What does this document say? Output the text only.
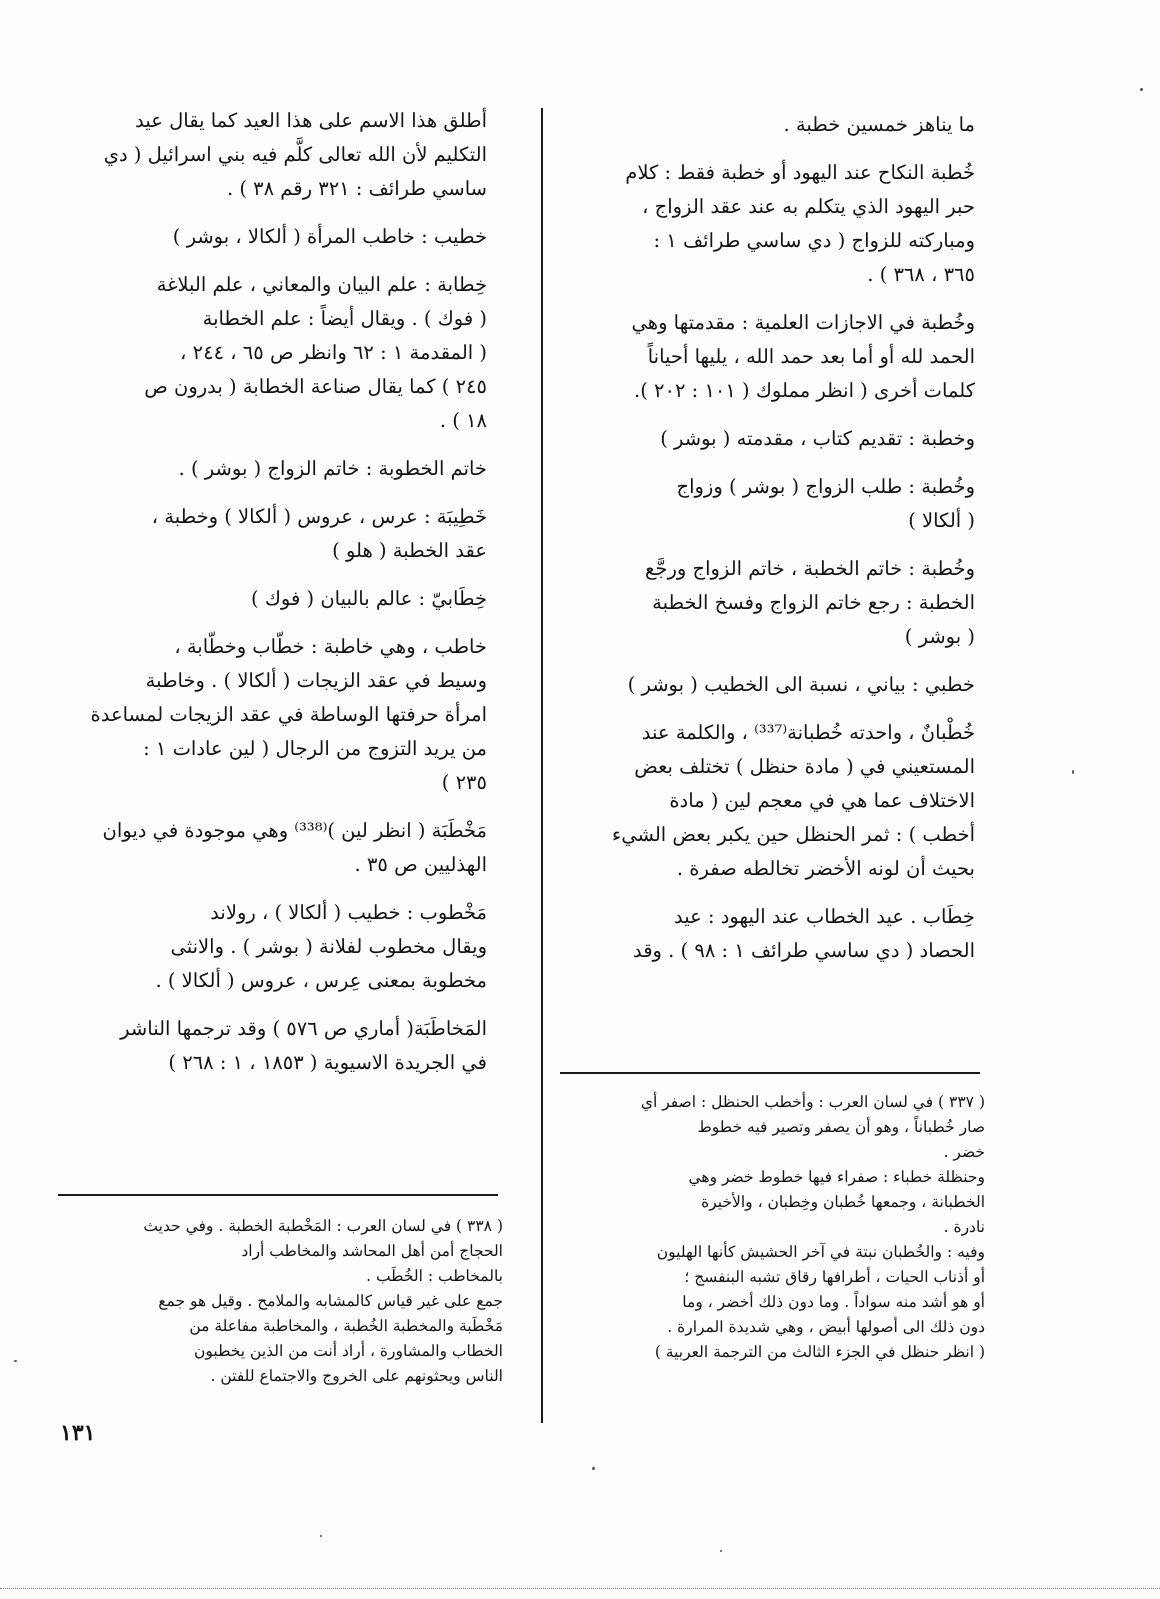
ما يناهز خمسين خطبة .

خُطبة النكاح عند اليهود أو خطبة فقط : كلام

حبر اليهود الذي يتكلم به عند عقد الزواج ،

ومباركته للزواج ( دي ساسي طرائف ١ :

٣٦٥ ، ٣٦٨ ) .

وخُطبة في الاجازات العلمية : مقدمتها وهي

الحمد لله أو أما بعد حمد الله ، يليها أحياناً

كلمات أخرى ( انظر مملوك ( ١٠١ : ٢٠٢ ).

وخطبة : تقديم كتاب ، مقدمته ( بوشر )

وخُطبة : طلب الزواج ( بوشر ) وزواج

( ألكالا )

وخُطبة : خاتم الخطبة ، خاتم الزواج ورجَّع

الخطبة : رجع خاتم الزواج وفسخ الخطبة

( بوشر )

خطبي : بياني ، نسبة الى الخطيب ( بوشر )

خُطْبانٌ ، واحدته خُطبانة⁽³³⁷⁾ ، والكلمة عند

المستعيني في ( مادة حنظل ) تختلف بعض

الاختلاف عما هي في معجم لين ( مادة

أخطب ) : ثمر الحنظل حين يكبر بعض الشيء

بحيث أن لونه الأخضر تخالطه صفرة .

خِطَاب . عيد الخطاب عند اليهود : عيد

الحصاد ( دي ساسي طرائف ١ : ٩٨ ) . وقد

أطلق هذا الاسم على هذا العيد كما يقال عيد

التكليم لأن الله تعالى كلَّم فيه بني اسرائيل ( دي

ساسي طرائف : ٣٢١ رقم ٣٨ ) .

خطيب : خاطب المرأة ( ألكالا ، بوشر )

خِطابة : علم البيان والمعاني ، علم البلاغة

( فوك ) . ويقال أيضاً : علم الخطابة

( المقدمة ١ : ٦٢ وانظر ص ٦٥ ، ٢٤٤ ،

٢٤٥ ) كما يقال صناعة الخطابة ( بدرون ص

١٨ ) .

خاتم الخطوبة : خاتم الزواج ( بوشر ) .

خَطِيبَة : عرس ، عروس ( ألكالا ) وخطبة ،

عقد الخطبة ( هلو )

خِطَابيّ : عالم بالبيان ( فوك )

خاطب ، وهي خاطبة : خطّاب وخطّابة ،

وسيط في عقد الزيجات ( ألكالا ) . وخاطبة

امرأة حرفتها الوساطة في عقد الزيجات لمساعدة

من يريد التزوج من الرجال ( لين عادات ١ :

٢٣٥ )

مَخْطَبَة ( انظر لين )⁽³³⁸⁾ وهي موجودة في ديوان

الهذليين ص ٣٥ .

مَخْطوب : خطيب ( ألكالا ) ، رولاند

ويقال مخطوب لفلانة ( بوشر ) . والانثى

مخطوبة بمعنى عِرس ، عروس ( ألكالا ) .

المَخاطَبَة( أماري ص ٥٧٦ ) وقد ترجمها الناشر

في الجريدة الاسيوية ( ١٨٥٣ ، ١ : ٢٦٨ )

( ٣٣٧ ) في لسان العرب : وأخطب الحنظل : اصفر أي

صار خُطباناً ، وهو أن يصفر وتصير فيه خطوط

خضر .

وحنظلة خطباء : صفراء فيها خطوط خضر وهي

الخطبانة ، وجمعها خُطبان وخِطبان ، والأخيرة

نادرة .

وفيه : والخُطبان نبتة في آخر الحشيش كأنها الهليون

أو أذناب الحيات ، أطرافها رقاق تشبه البنفسج ؛

أو هو أشد منه سواداً . وما دون ذلك أخضر ، وما

دون ذلك الى أصولها أبيض ، وهي شديدة المرارة .

( انظر حنظل في الجزء الثالث من الترجمة العربية )

( ٣٣٨ ) في لسان العرب : المَخْطبة الخطبة . وفي حديث

الحجاج أمن أهل المحاشد والمخاطب أراد

بالمخاطب : الخُطَب .

جمع على غير قياس كالمشابه والملامح . وقيل هو جمع

مَخْطَبة والمخطبة الخُطبة ، والمخاطبة مفاعلة من

الخطاب والمشاورة ، أراد أنت من الذين يخطبون

الناس ويحثونهم على الخروج والاجتماع للفتن .

١٣١
